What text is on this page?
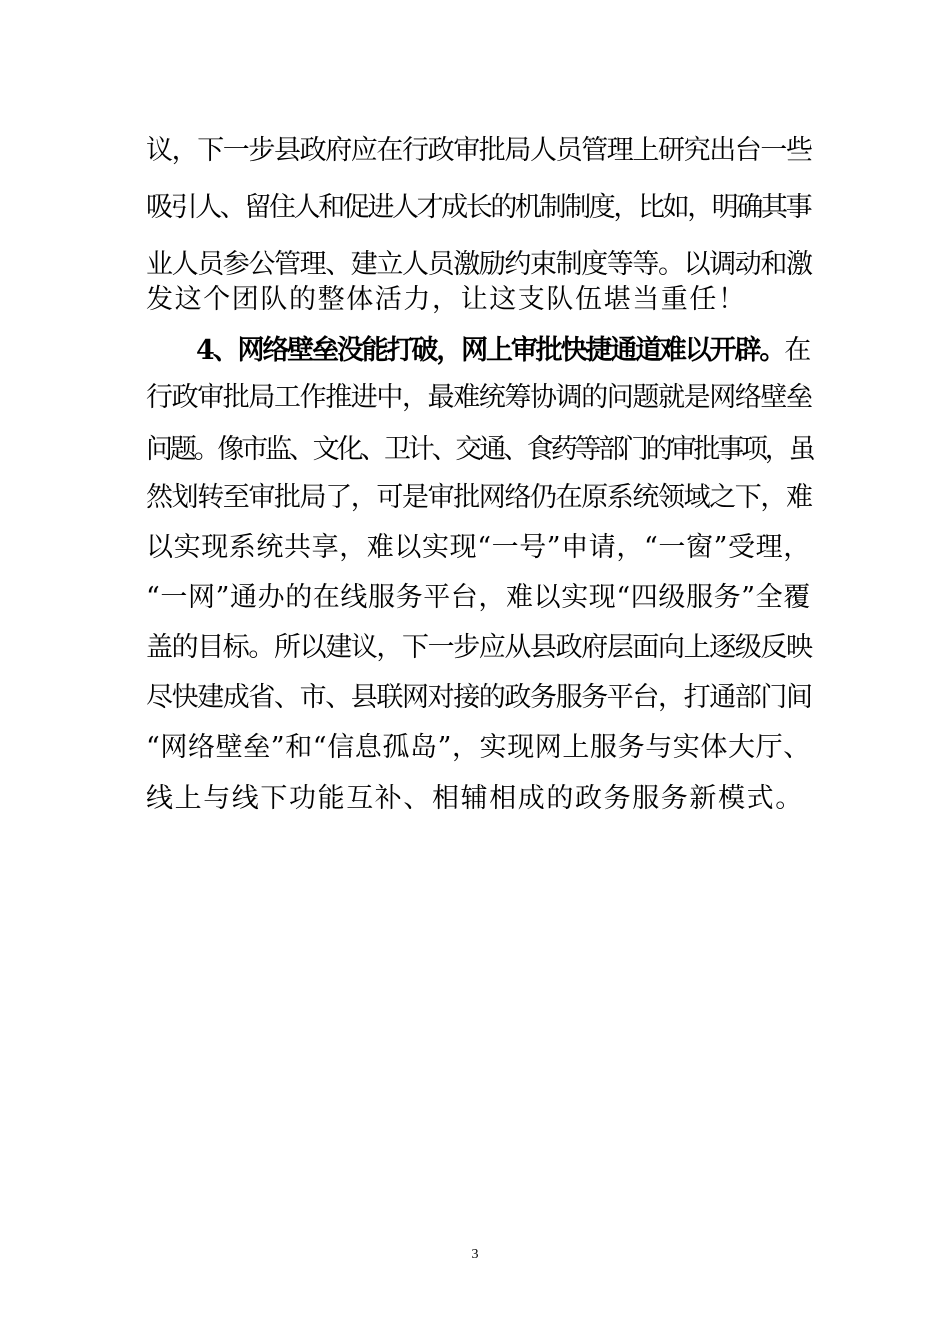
议，下一步县政府应在行政审批局人员管理上研究出台一些
吸引人、留住人和促进人才成长的机制制度，比如，明确其事
业人员参公管理、建立人员激励约束制度等等。以调动和激
发这个团队的整体活力，让这支队伍堪当重任！
4、网络壁垒没能打破，网上审批快捷通道难以开辟。在
行政审批局工作推进中，最难统筹协调的问题就是网络壁垒
问题。像市监、文化、卫计、交通、食药等部门的审批事项，虽
然划转至审批局了，可是审批网络仍在原系统领域之下，难
以实现系统共享，难以实现“一号”申请，“一窗”受理，
“一网”通办的在线服务平台，难以实现“四级服务”全覆
盖的目标。所以建议，下一步应从县政府层面向上逐级反映
尽快建成省、市、县联网对接的政务服务平台，打通部门间
“网络壁垒”和“信息孤岛”，实现网上服务与实体大厅、
线上与线下功能互补、相辅相成的政务服务新模式。
3
